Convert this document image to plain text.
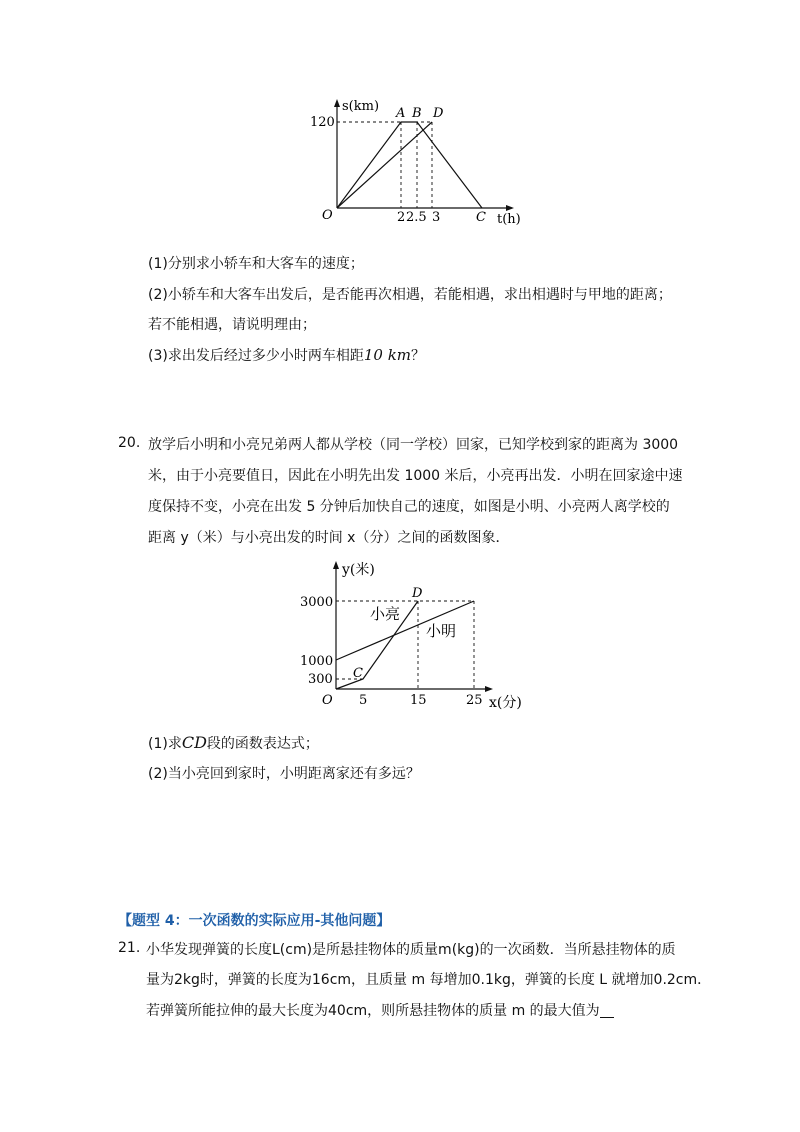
s(km)
120
O	2 2.5 3
A B D
C t(h)
(1)分别求小轿车和大客车的速度；
(2)小轿车和大客车出发后，是否能再次相遇，若能相遇，求出相遇时与甲地的距离；
若不能相遇，请说明理由；
(3)求出发后经过多少小时两车相距10 km？
20. 放学后小明和小亮兄弟两人都从学校（同一学校）回家，已知学校到家的距离为 3000
米，由于小亮要值日，因此在小明先出发 1000 米后，小亮再出发．小明在回家途中速
度保持不变，小亮在出发 5 分钟后加快自己的速度，如图是小明、小亮两人离学校的
距离 y（米）与小亮出发的时间 x（分）之间的函数图象．
y(米)
3000
1000
300
O 5	15	25 x(分)
C
D
小亮
小明
(1)求CD段的函数表达式；
(2)当小亮回到家时，小明距离家还有多远？
【题型 4：一次函数的实际应用-其他问题】
21. 小华发现弹簧的长度L(cm)是所悬挂物体的质量m(kg)的一次函数．当所悬挂物体的质
量为2kg时，弹簧的长度为16cm，且质量 m 每增加0.1kg，弹簧的长度 L 就增加0.2cm．
若弹簧所能拉伸的最大长度为40cm，则所悬挂物体的质量 m 的最大值为
